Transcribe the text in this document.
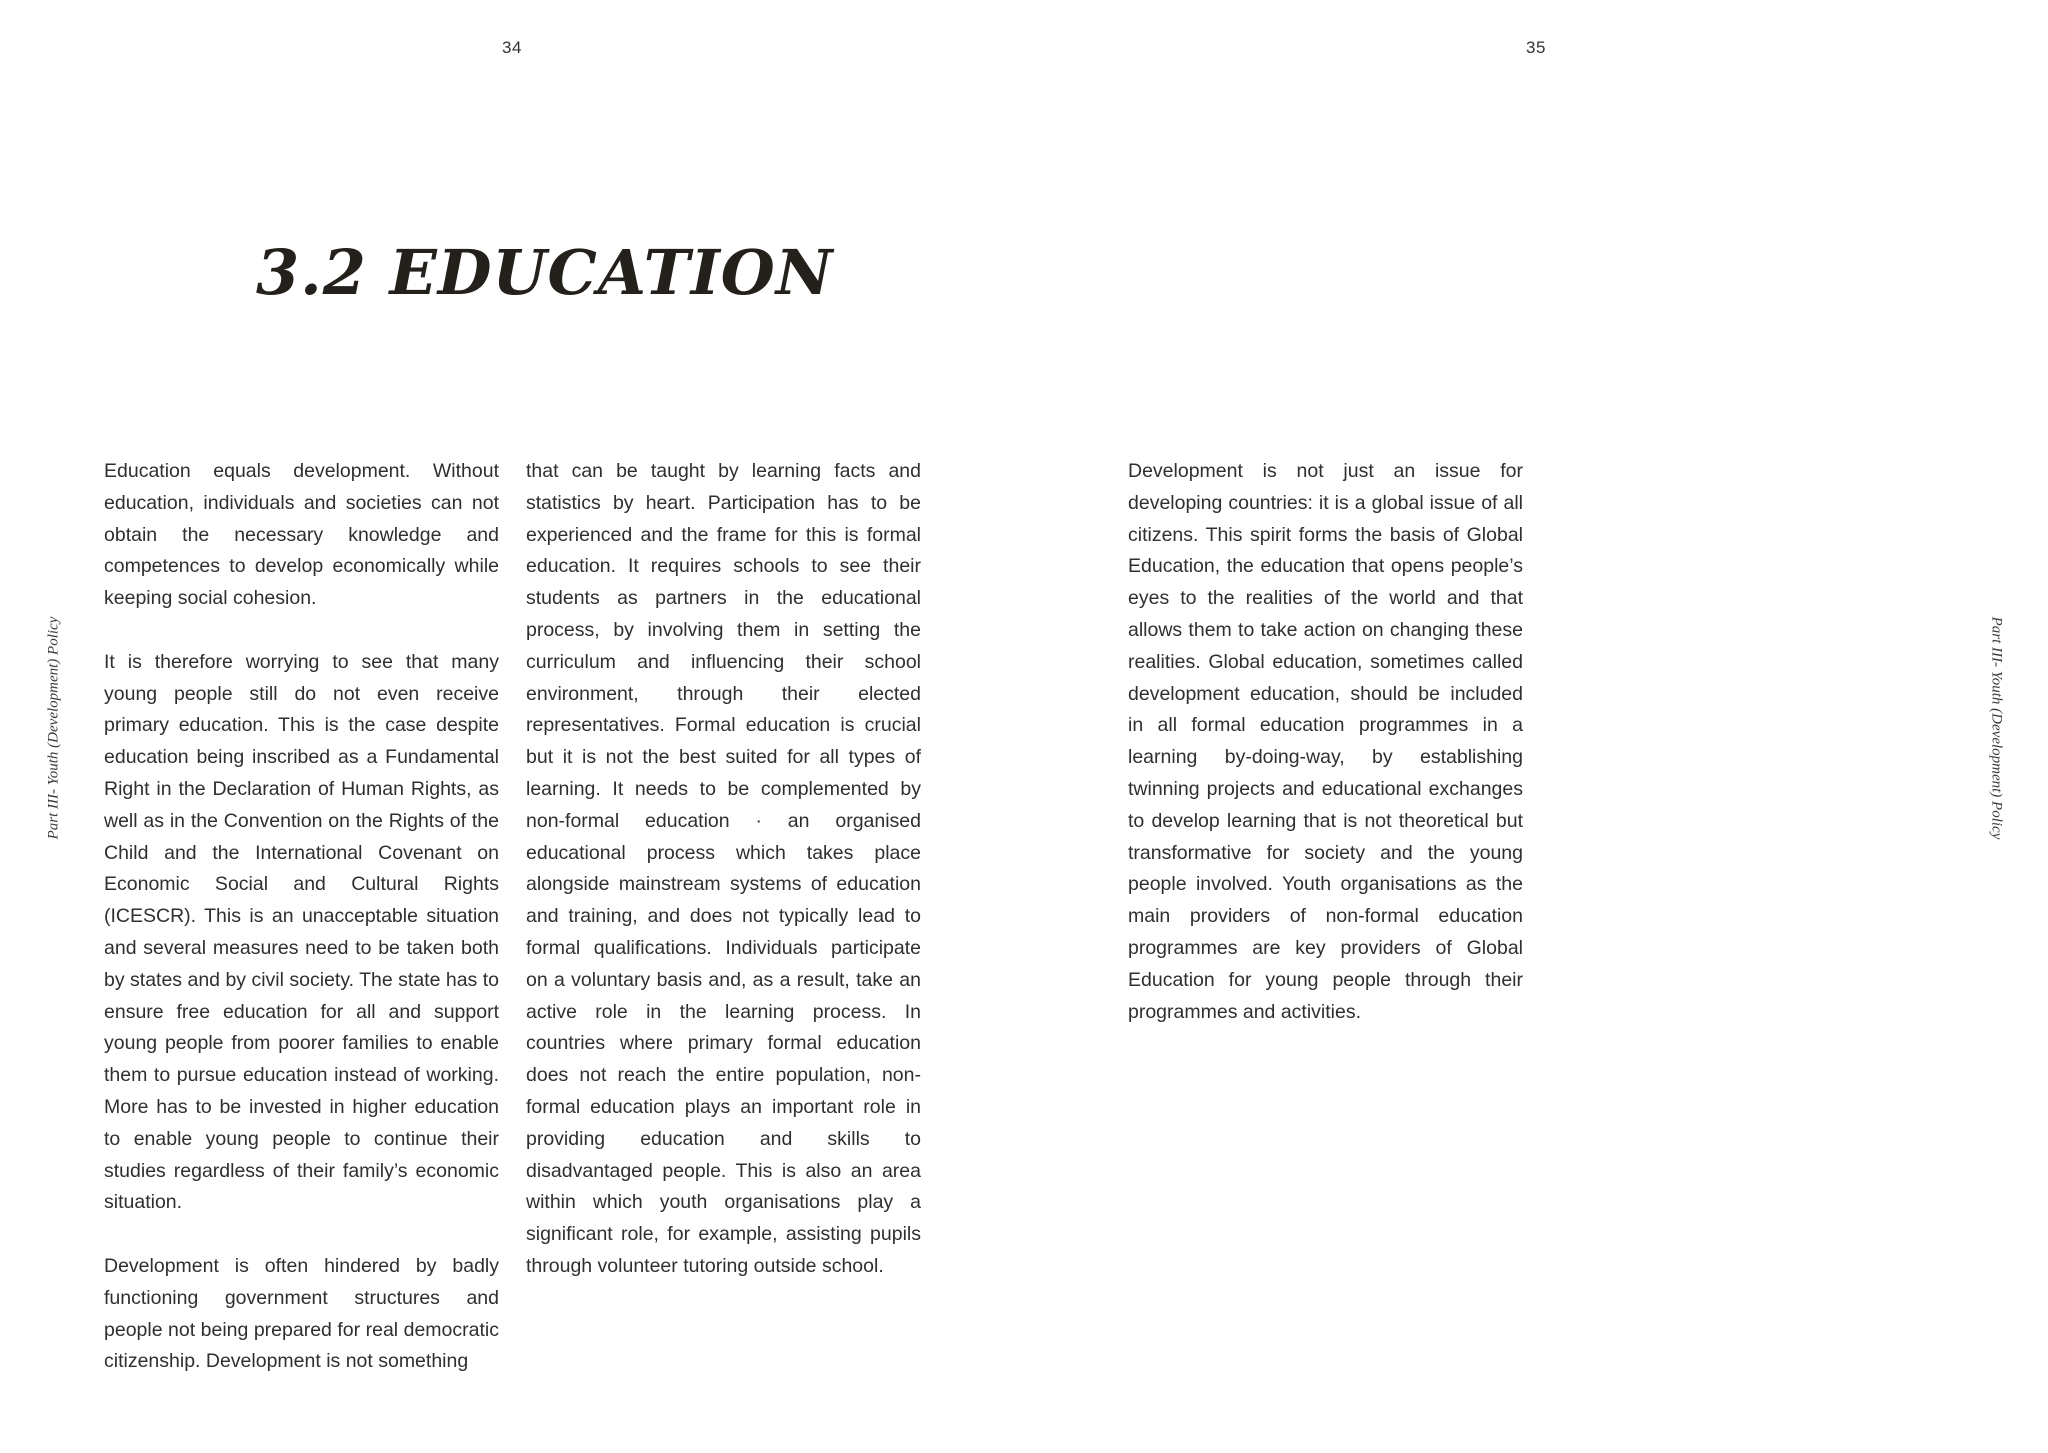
34
Part III- Youth (Development) Policy
3.2 EDUCATION

Education equals development. Without education, individuals and societies can not obtain the necessary knowledge and competences to develop economically while keeping social cohesion.

It is therefore worrying to see that many young people still do not even receive primary education. This is the case despite education being inscribed as a Fundamental Right in the Declaration of Human Rights, as well as in the Convention on the Rights of the Child and the International Covenant on Economic Social and Cultural Rights (ICESCR). This is an unacceptable situation and several measures need to be taken both by states and by civil society. The state has to ensure free education for all and support young people from poorer families to enable them to pursue education instead of working. More has to be invested in higher education to enable young people to continue their studies regardless of their family’s economic situation.

Development is often hindered by badly functioning government structures and people not being prepared for real democratic citizenship. Development is not something

that can be taught by learning facts and statistics by heart. Participation has to be experienced and the frame for this is formal education. It requires schools to see their students as partners in the educational process, by involving them in setting the curriculum and influencing their school environment, through their elected representatives. Formal education is crucial but it is not the best suited for all types of learning. It needs to be complemented by non-formal education · an organised educational process which takes place alongside mainstream systems of education and training, and does not typically lead to formal qualifications. Individuals participate on a voluntary basis and, as a result, take an active role in the learning process. In countries where primary formal education does not reach the entire population, non-formal education plays an important role in providing education and skills to disadvantaged people. This is also an area within which youth organisations play a significant role, for example, assisting pupils through volunteer tutoring outside school.

35
Part III- Youth (Development) Policy

Development is not just an issue for developing countries: it is a global issue of all citizens. This spirit forms the basis of Global Education, the education that opens people’s eyes to the realities of the world and that allows them to take action on changing these realities. Global education, sometimes called development education, should be included in all formal education programmes in a learning by-doing-way, by establishing twinning projects and educational exchanges to develop learning that is not theoretical but transformative for society and the young people involved. Youth organisations as the main providers of non-formal education programmes are key providers of Global Education for young people through their programmes and activities.
